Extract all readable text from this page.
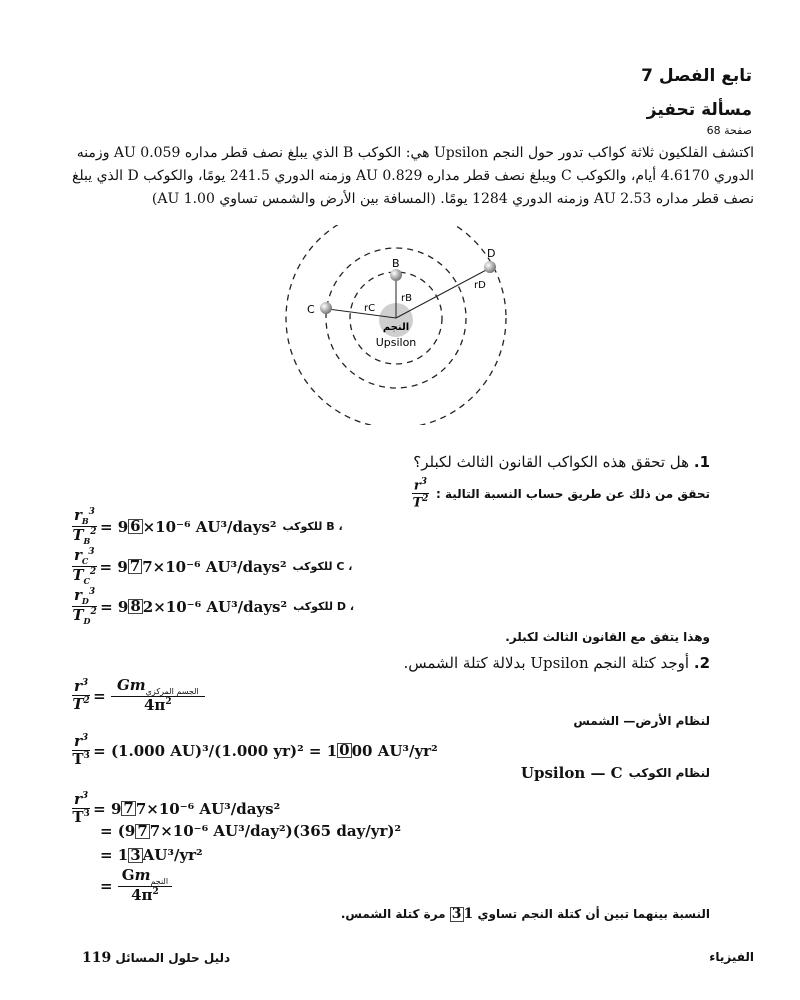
تابع الفصل 7
مسألة تحفيز
صفحة 68
اكتشف الفلكيون ثلاثة كواكب تدور حول النجم Upsilon هي: الكوكب B الذي يبلغ نصف قطر مداره 0.059 AU وزمنه الدوري 4.6170 أيام، والكوكب C ويبلغ نصف قطر مداره 0.829 AU وزمنه الدوري 241.5 يومًا، والكوكب D الذي يبلغ نصف قطر مداره 2.53 AU وزمنه الدوري 1284 يومًا. (المسافة بين الأرض والشمس تساوي 1.00 AU)
B
C
D
rB
rC
rD
النجم
Upsilon
1. هل تحقق هذه الكواكب القانون الثالث لكبلر؟
تحقق من ذلك عن طريق حساب النسبة التالية :
$\frac{r^3}{T^2}$
$\frac{r_B^3}{T_B^2} = 9$ 6 ×10⁻⁶ AU³/days² للكوكب B ،
$\frac{r_C^3}{T_C^2} = 9$ 7 7 ×10⁻⁶ AU³/days² للكوكب C ،
$\frac{r_D^3}{T_D^2} = 9$ 8 2 ×10⁻⁶ AU³/days² للكوكب D ،
وهذا يتفق مع القانون الثالث لكبلر.
2. أوجد كتلة النجم Upsilon بدلالة كتلة الشمس.
$\frac{r^3}{T^2} = \frac{Gm_{الجسم المركزي}}{4\pi^2}$
لنظام الأرض— الشمس
$\frac{r^3}{T^3} = (1.000$ AU)³/(1.000 yr)² = 1 0 00 AU³/yr²
لنظام الكوكب
Upsilon — C
$\frac{r^3}{T^3} = 9$ 7 7×10⁻⁶ AU³/days²
= (9 7 7×10⁻⁶ AU³/day²)(365 day/yr)²
= 1 3 AU³/yr²
= $\frac{Gm_{النجم}}{4\pi^2}$
النسبة بينهما تبين أن كتلة النجم تساوي 13 مرة كتلة الشمس.
119 دليل حلول المسائل	الفيزياء
